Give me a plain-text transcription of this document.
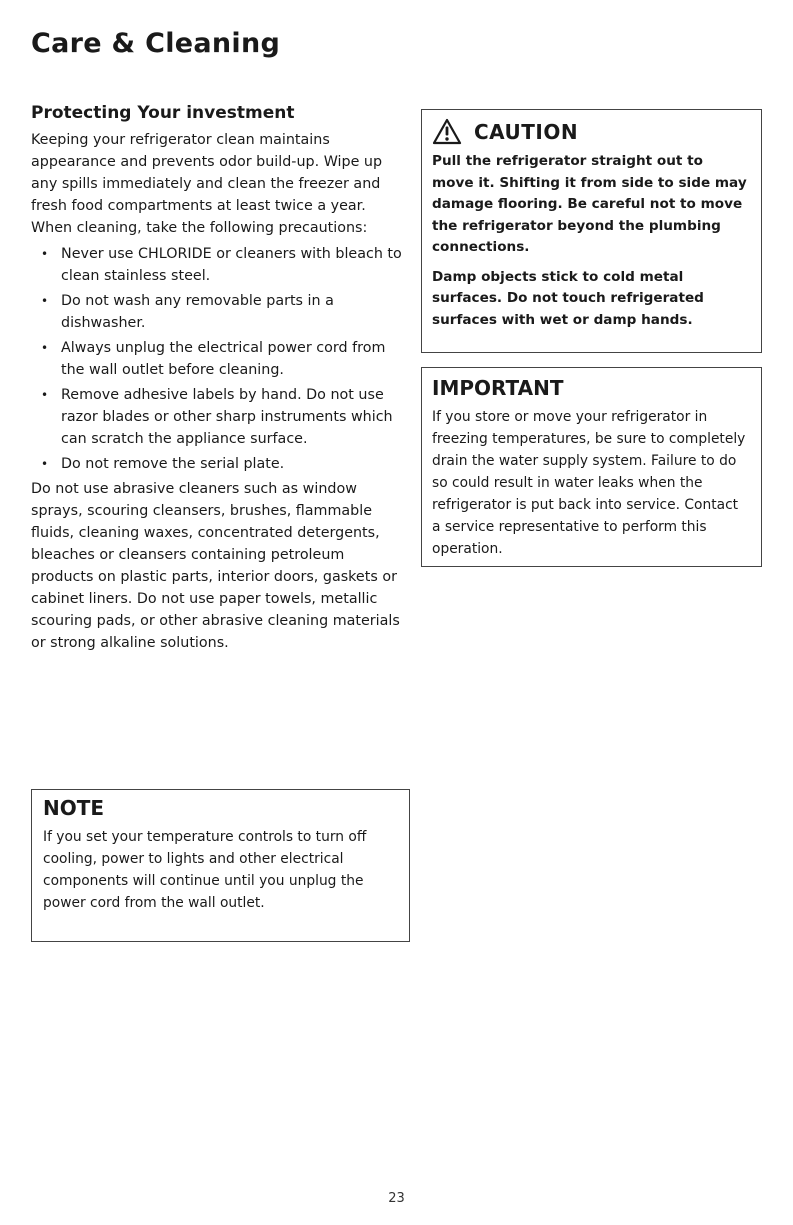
Care & Cleaning
Protecting Your investment

Keeping your refrigerator clean maintains appearance and prevents odor build-up. Wipe up any spills immediately and clean the freezer and fresh food compartments at least twice a year. When cleaning, take the following precautions:

• Never use CHLORIDE or cleaners with bleach to clean stainless steel.
• Do not wash any removable parts in a dishwasher.
• Always unplug the electrical power cord from the wall outlet before cleaning.
• Remove adhesive labels by hand. Do not use razor blades or other sharp instruments which can scratch the appliance surface.
• Do not remove the serial plate.

Do not use abrasive cleaners such as window sprays, scouring cleansers, brushes, flammable fluids, cleaning waxes, concentrated detergents, bleaches or cleansers containing petroleum products on plastic parts, interior doors, gaskets or cabinet liners. Do not use paper towels, metallic scouring pads, or other abrasive cleaning materials or strong alkaline solutions.

CAUTION

Pull the refrigerator straight out to move it. Shifting it from side to side may damage flooring. Be careful not to move the refrigerator beyond the plumbing connections.

Damp objects stick to cold metal surfaces. Do not touch refrigerated surfaces with wet or damp hands.

IMPORTANT

If you store or move your refrigerator in freezing temperatures, be sure to completely drain the water supply system. Failure to do so could result in water leaks when the refrigerator is put back into service. Contact a service representative to perform this operation.

NOTE

If you set your temperature controls to turn off cooling, power to lights and other electrical components will continue until you unplug the power cord from the wall outlet.

23
